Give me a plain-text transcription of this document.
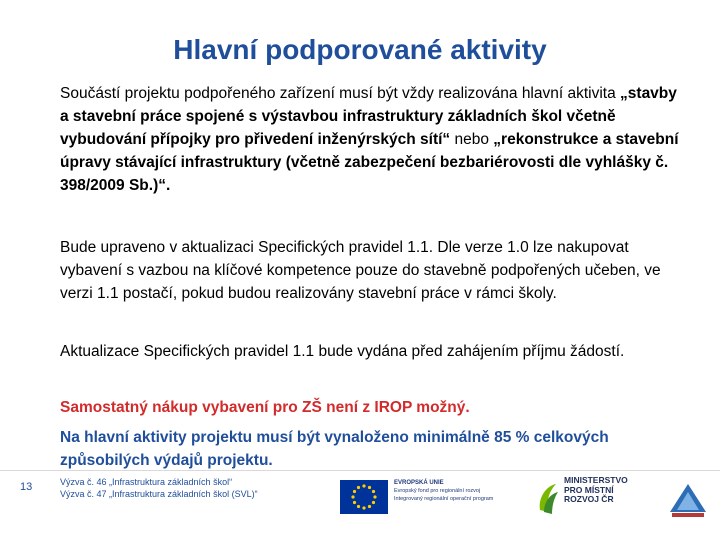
Hlavní podporované aktivity

Součástí projektu podpořeného zařízení musí být vždy realizována hlavní aktivita „stavby a stavební práce spojené s výstavbou infrastruktury základních škol včetně vybudování přípojky pro přivedení inženýrských sítí“ nebo „rekonstrukce a stavební úpravy stávající infrastruktury (včetně zabezpečení bezbariérovosti dle vyhlášky č. 398/2009 Sb.)“.

Bude upraveno v aktualizaci Specifických pravidel 1.1. Dle verze 1.0 lze nakupovat vybavení s vazbou na klíčové kompetence pouze do stavebně podpořených učeben, ve verzi 1.1 postačí, pokud budou realizovány stavební práce v rámci školy.

Aktualizace Specifických pravidel 1.1 bude vydána před zahájením příjmu žádostí.

Samostatný nákup vybavení pro ZŠ není z IROP možný.

Na hlavní aktivity projektu musí být vynaloženo minimálně 85 % celkových způsobilých výdajů projektu.

13	Výzva č. 46 „Infrastruktura základních škol“
Výzva č. 47 „Infrastruktura základních škol (SVL)“
EVROPSKÁ UNIE
Evropský fond pro regionální rozvoj
Integrovaný regionální operační program
MINISTERSTVO
PRO MÍSTNÍ
ROZVOJ ČR
